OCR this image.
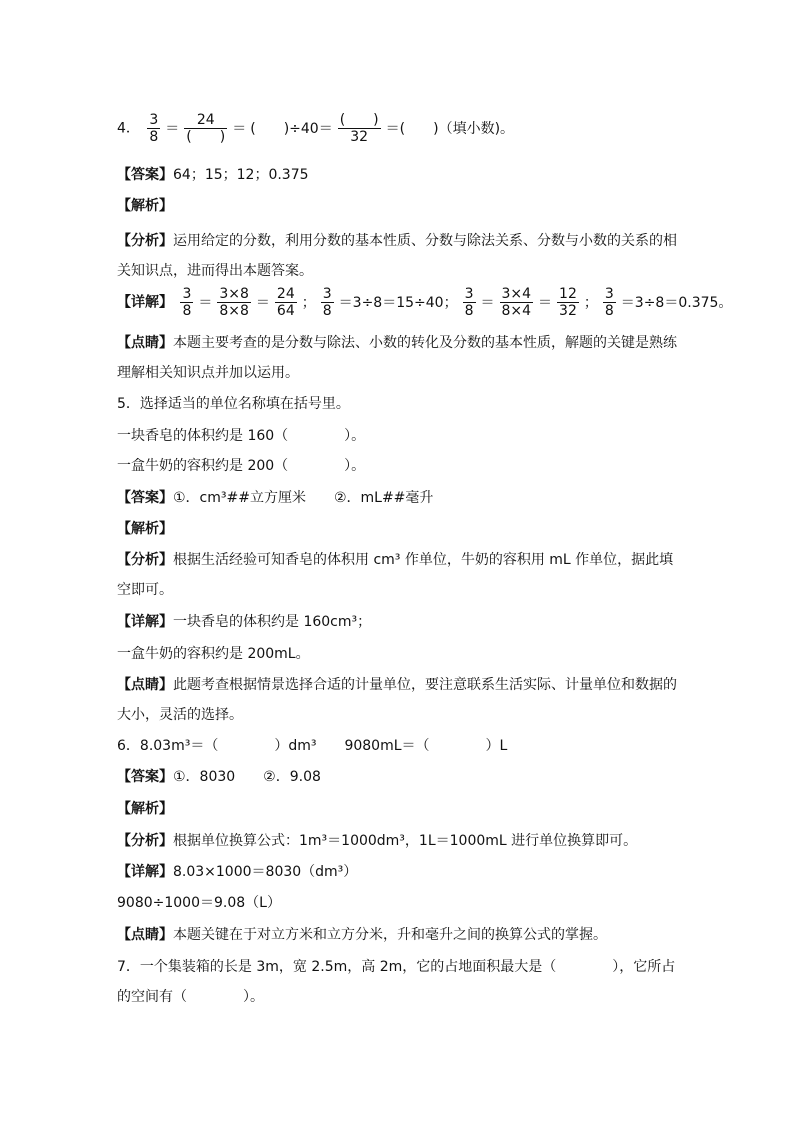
4． $\frac{3}{8} = \frac{24}{( )}$ ＝ (　　)$\div 40= \frac{( )}{32}$ ＝(　　)（填小数)。
【答案】64；15；12；0.375
【解析】
【分析】运用给定的分数，利用分数的基本性质、分数与除法关系、分数与小数的关系的相关知识点，进而得出本题答案。
【详解】 $\frac{3}{8} = \frac{3\times 8}{8\times 8} = \frac{24}{64}$ ； $\frac{3}{8} =3\div 8=15\div 40$； $\frac{3}{8} = \frac{3\times 4}{8\times 4} = \frac{12}{32}$ ； $\frac{3}{8} =3\div 8=0.375$。
【点睛】本题主要考查的是分数与除法、小数的转化及分数的基本性质，解题的关键是熟练理解相关知识点并加以运用。
5．选择适当的单位名称填在括号里。
一块香皂的体积约是 160（　　　　）。
一盒牛奶的容积约是 200（　　　　）。
【答案】①．cm³##立方厘米　　②．mL##毫升
【解析】
【分析】根据生活经验可知香皂的体积用 cm³ 作单位，牛奶的容积用 mL 作单位，据此填空即可。
【详解】一块香皂的体积约是 160cm³；
一盒牛奶的容积约是 200mL。
【点睛】此题考查根据情景选择合适的计量单位，要注意联系生活实际、计量单位和数据的大小，灵活的选择。
6．8.03m³＝（　　　　）dm³　　9080mL＝（　　　　）L
【答案】①．8030　　②．9.08
【解析】
【分析】根据单位换算公式：1m³＝1000dm³，1L＝1000mL 进行单位换算即可。
【详解】8.03×1000＝8030（dm³）
9080÷1000＝9.08（L）
【点睛】本题关键在于对立方米和立方分米，升和毫升之间的换算公式的掌握。
7．一个集装箱的长是 3m，宽 2.5m，高 2m，它的占地面积最大是（　　　　），它所占的空间有（　　　　）。
